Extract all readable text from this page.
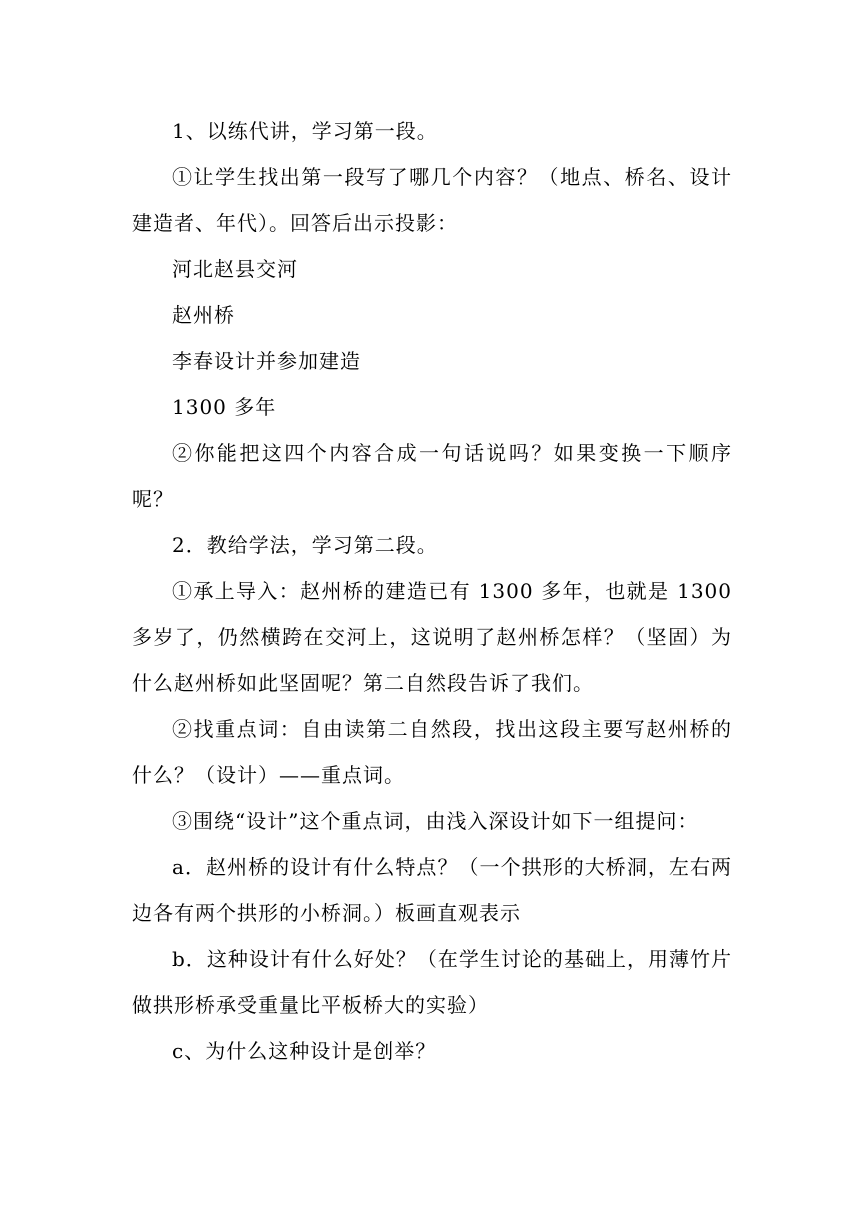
1、以练代讲，学习第一段。

①让学生找出第一段写了哪几个内容？（地点、桥名、设计建造者、年代）。回答后出示投影：

河北赵县交河

赵州桥

李春设计并参加建造

1300 多年

②你能把这四个内容合成一句话说吗？如果变换一下顺序呢？

2．教给学法，学习第二段。

①承上导入：赵州桥的建造已有 1300 多年，也就是 1300 多岁了，仍然横跨在交河上，这说明了赵州桥怎样？（坚固）为什么赵州桥如此坚固呢？第二自然段告诉了我们。

②找重点词：自由读第二自然段，找出这段主要写赵州桥的什么？（设计）——重点词。

③围绕“设计”这个重点词，由浅入深设计如下一组提问：

a．赵州桥的设计有什么特点？（一个拱形的大桥洞，左右两边各有两个拱形的小桥洞。）板画直观表示

b．这种设计有什么好处？（在学生讨论的基础上，用薄竹片做拱形桥承受重量比平板桥大的实验）

c、为什么这种设计是创举？
